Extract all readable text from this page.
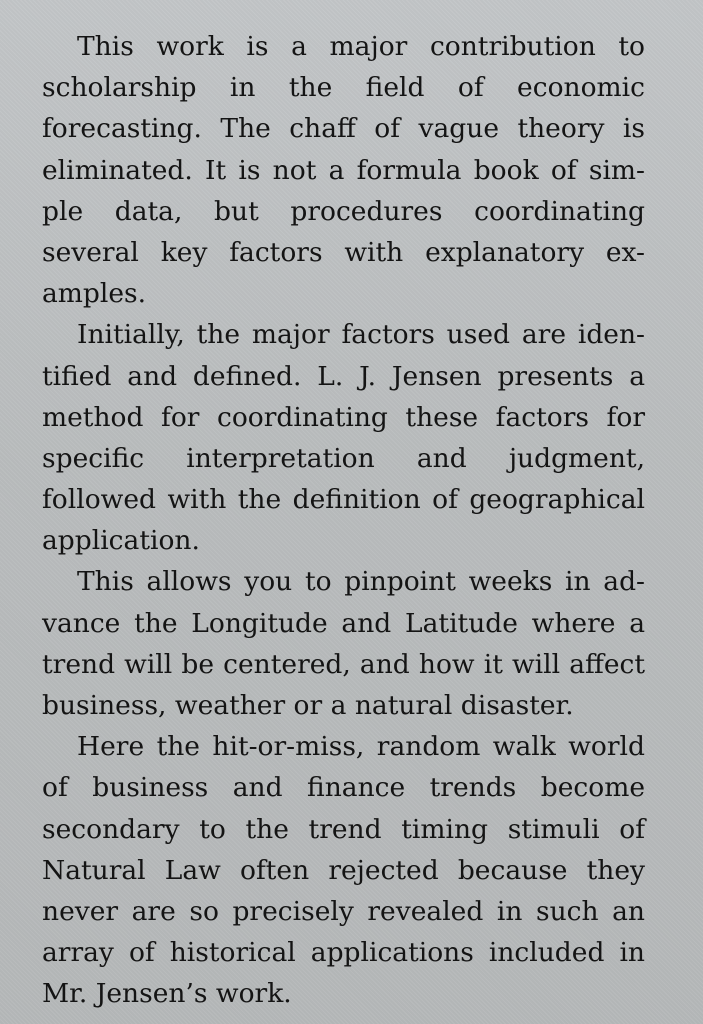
This work is a major contribution to
scholarship in the field of economic
forecasting. The chaff of vague theory is
eliminated. It is not a formula book of sim-
ple data, but procedures coordinating
several key factors with explanatory ex-
amples.
Initially, the major factors used are iden-
tified and defined. L. J. Jensen presents a
method for coordinating these factors for
specific interpretation and judgment,
followed with the definition of geographical
application.
This allows you to pinpoint weeks in ad-
vance the Longitude and Latitude where a
trend will be centered, and how it will affect
business, weather or a natural disaster.
Here the hit-or-miss, random walk world
of business and finance trends become
secondary to the trend timing stimuli of
Natural Law often rejected because they
never are so precisely revealed in such an
array of historical applications included in
Mr. Jensen’s work.
